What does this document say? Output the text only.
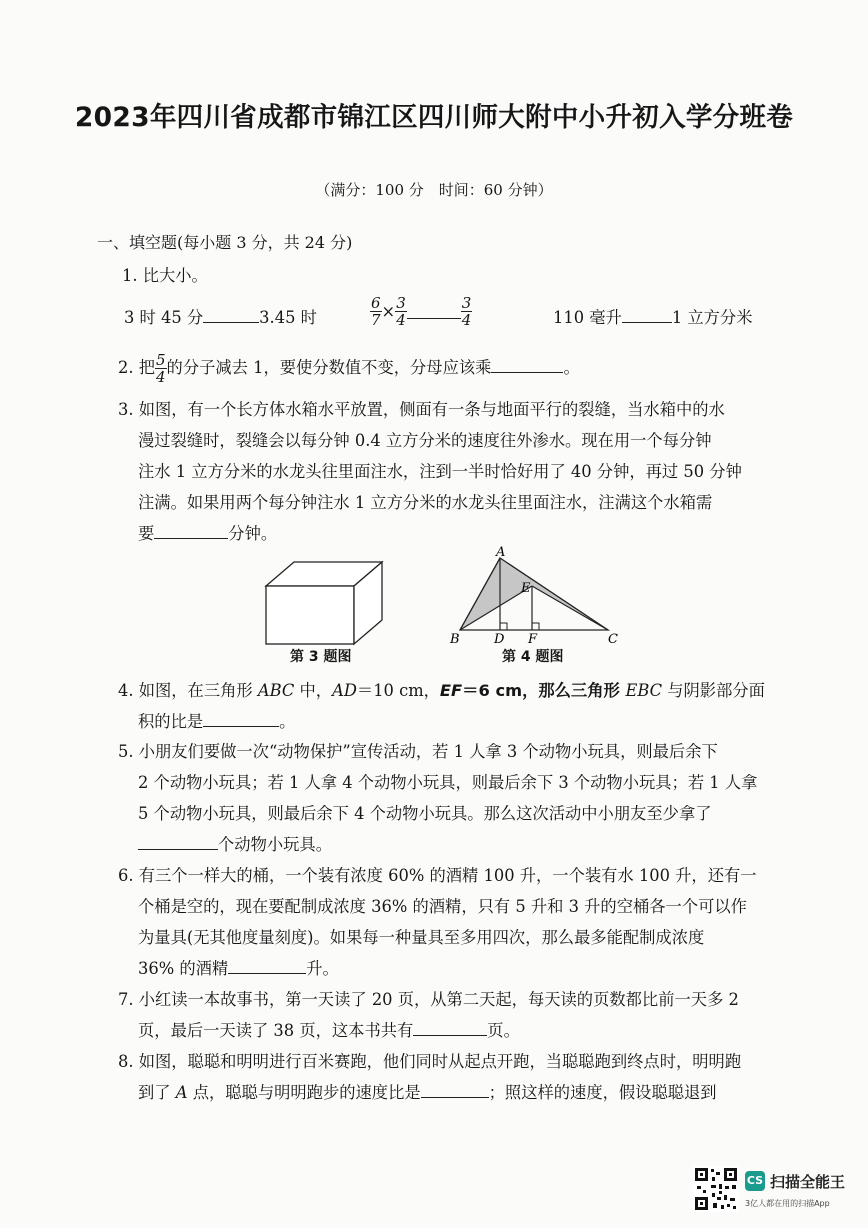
2023年四川省成都市锦江区四川师大附中小升初入学分班卷
（满分：100 分　时间：60 分钟）
一、填空题(每小题 3 分，共 24 分)
1. 比大小。
3 时 45 分	3.45 时	$\frac{6}{7} \times \frac{3}{4}$	$\frac{3}{4}$	110 毫升	1 立方分米
2. 把 $\frac{5}{4}$ 的分子减去 1，要使分数值不变，分母应该乘	。
3. 如图，有一个长方体水箱水平放置，侧面有一条与地面平行的裂缝，当水箱中的水
漫过裂缝时，裂缝会以每分钟 0.4 立方分米的速度往外渗水。现在用一个每分钟
注水 1 立方分米的水龙头往里面注水，注到一半时恰好用了 40 分钟，再过 50 分钟
注满。如果用两个每分钟注水 1 立方分米的水龙头往里面注水，注满这个水箱需
要	分钟。
第 3 题图
A
B	C
D
E
F
第 4 题图
4. 如图，在三角形 ABC 中，AD＝10 cm，EF＝6 cm，那么三角形 EBC 与阴影部分面
积的比是	。
5. 小朋友们要做一次“动物保护”宣传活动，若 1 人拿 3 个动物小玩具，则最后余下
2 个动物小玩具；若 1 人拿 4 个动物小玩具，则最后余下 3 个动物小玩具；若 1 人拿
5 个动物小玩具，则最后余下 4 个动物小玩具。那么这次活动中小朋友至少拿了
个动物小玩具。
6. 有三个一样大的桶，一个装有浓度 60% 的酒精 100 升，一个装有水 100 升，还有一
个桶是空的，现在要配制成浓度 36% 的酒精，只有 5 升和 3 升的空桶各一个可以作
为量具(无其他度量刻度)。如果每一种量具至多用四次，那么最多能配制成浓度
36% 的酒精	升。
7. 小红读一本故事书，第一天读了 20 页，从第二天起，每天读的页数都比前一天多 2
页，最后一天读了 38 页，这本书共有	页。
8. 如图，聪聪和明明进行百米赛跑，他们同时从起点开跑，当聪聪跑到终点时，明明跑
到了 A 点，聪聪与明明跑步的速度比是	；照这样的速度，假设聪聪退到
CS 扫描全能王
3亿人都在用的扫描App
